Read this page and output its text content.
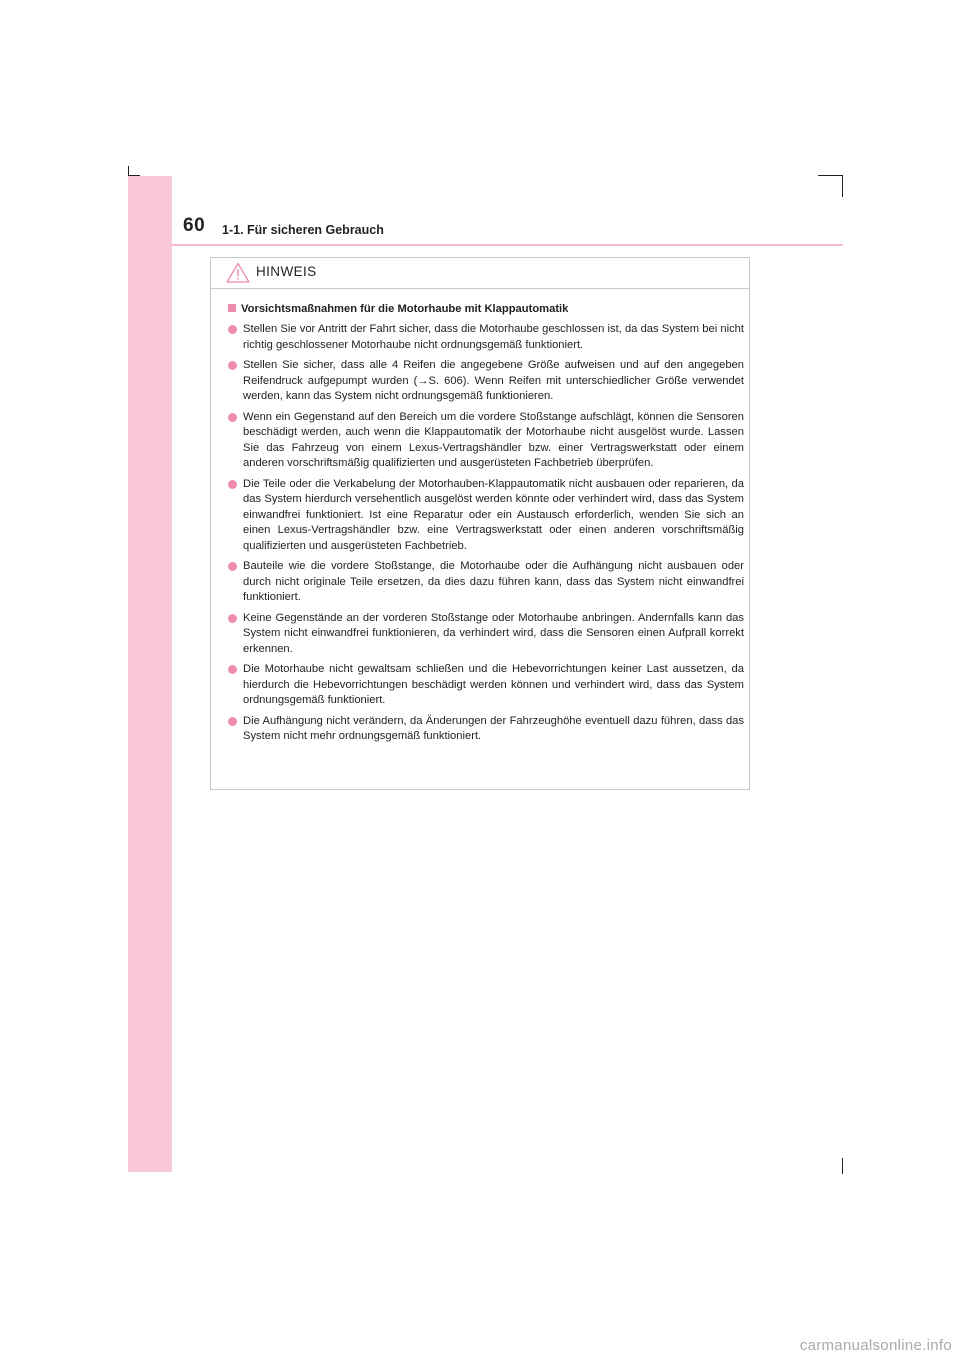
60 1-1. Für sicheren Gebrauch
HINWEIS
Vorsichtsmaßnahmen für die Motorhaube mit Klappautomatik
Stellen Sie vor Antritt der Fahrt sicher, dass die Motorhaube geschlossen ist, da das System bei nicht richtig geschlossener Motorhaube nicht ordnungsgemäß funktioniert.
Stellen Sie sicher, dass alle 4 Reifen die angegebene Größe aufweisen und auf den angegeben Reifendruck aufgepumpt wurden (→S. 606). Wenn Reifen mit unterschiedlicher Größe verwendet werden, kann das System nicht ordnungsgemäß funktionieren.
Wenn ein Gegenstand auf den Bereich um die vordere Stoßstange aufschlägt, können die Sensoren beschädigt werden, auch wenn die Klappautomatik der Motorhaube nicht ausgelöst wurde. Lassen Sie das Fahrzeug von einem Lexus-Vertragshändler bzw. einer Vertragswerkstatt oder einem anderen vorschriftsmäßig qualifizierten und ausgerüsteten Fachbetrieb überprüfen.
Die Teile oder die Verkabelung der Motorhauben-Klappautomatik nicht ausbauen oder reparieren, da das System hierdurch versehentlich ausgelöst werden könnte oder verhindert wird, dass das System einwandfrei funktioniert. Ist eine Reparatur oder ein Austausch erforderlich, wenden Sie sich an einen Lexus-Vertragshändler bzw. eine Vertragswerkstatt oder einen anderen vorschriftsmäßig qualifizierten und ausgerüsteten Fachbetrieb.
Bauteile wie die vordere Stoßstange, die Motorhaube oder die Aufhängung nicht ausbauen oder durch nicht originale Teile ersetzen, da dies dazu führen kann, dass das System nicht einwandfrei funktioniert.
Keine Gegenstände an der vorderen Stoßstange oder Motorhaube anbringen. Andernfalls kann das System nicht einwandfrei funktionieren, da verhindert wird, dass die Sensoren einen Aufprall korrekt erkennen.
Die Motorhaube nicht gewaltsam schließen und die Hebevorrichtungen keiner Last aussetzen, da hierdurch die Hebevorrichtungen beschädigt werden können und verhindert wird, dass das System ordnungsgemäß funktioniert.
Die Aufhängung nicht verändern, da Änderungen der Fahrzeughöhe eventuell dazu führen, dass das System nicht mehr ordnungsgemäß funktioniert.
carmanualsonline.info
